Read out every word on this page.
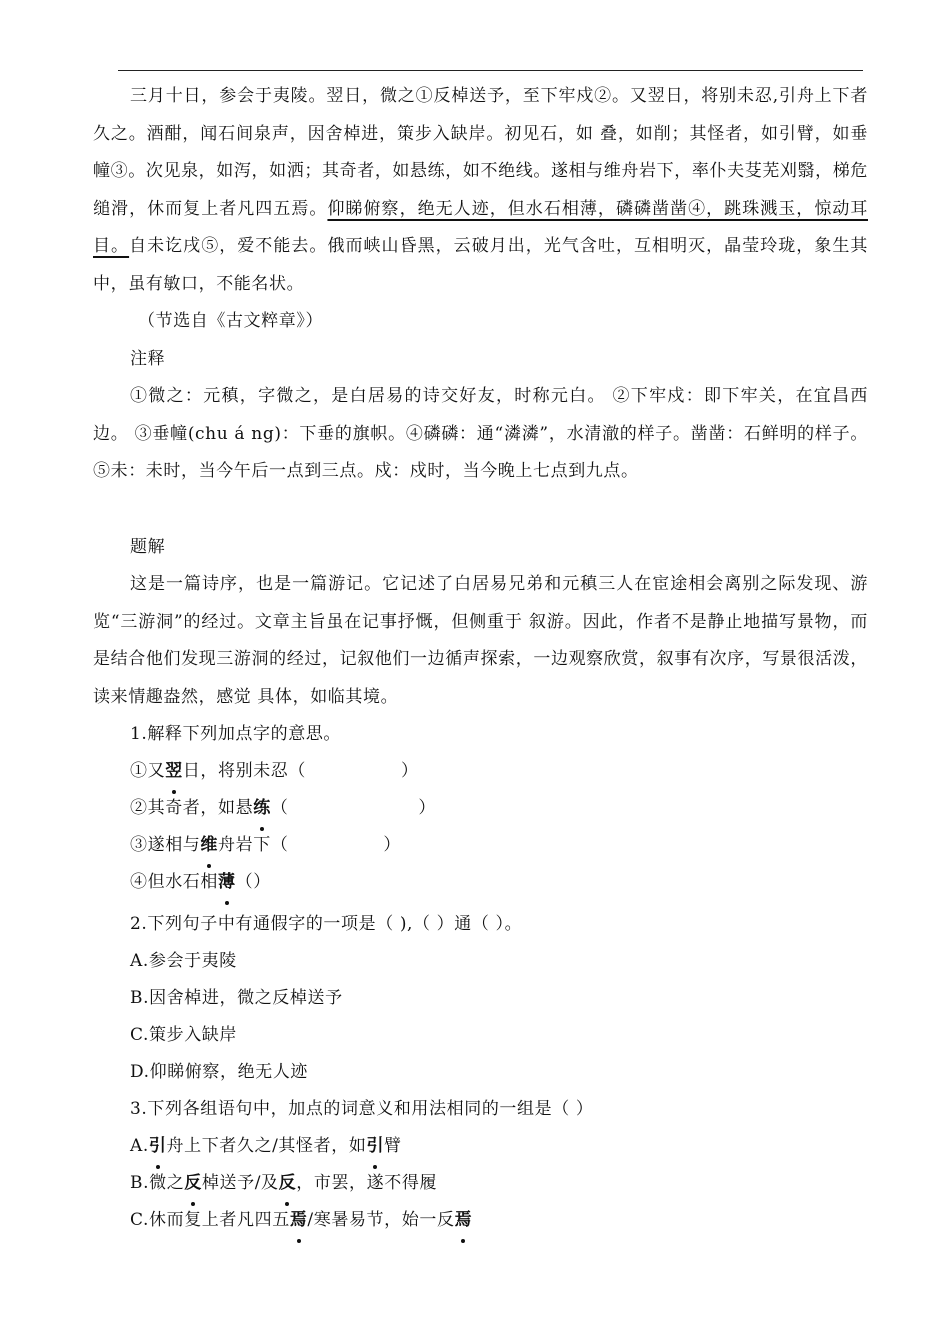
三月十日，参会于夷陵。翌日，微之①反棹送予，至下牢戍②。又翌日，将别未忍,引舟上下者久之。酒酣，闻石间泉声，因舍棹进，策步入缺岸。初见石，如 叠，如削；其怪者，如引臂，如垂幢③。次见泉，如泻，如洒；其奇者，如悬练，如不绝线。遂相与维舟岩下，率仆夫芟芜刈翳，梯危缒滑，休而复上者凡四五焉。仰睇俯察，绝无人迹，但水石相薄，磷磷凿凿④，跳珠溅玉，惊动耳目。自未讫戌⑤，爱不能去。俄而峡山昏黑，云破月出，光气含吐，互相明灭，晶莹玲珑，象生其中，虽有敏口，不能名状。

（节选自《古文粹章》）

注释

①微之：元稹，字微之，是白居易的诗交好友，时称元白。 ②下牢戍：即下牢关，在宜昌西边。 ③垂幢(chu á ng)：下垂的旗帜。④磷磷：通“潾潾”，水清澈的样子。凿凿：石鲜明的样子。⑤未：未时，当今午后一点到三点。戍：戍时，当今晚上七点到九点。

题解

这是一篇诗序，也是一篇游记。它记述了白居易兄弟和元稹三人在宦途相会离别之际发现、游览“三游洞”的经过。文章主旨虽在记事抒慨，但侧重于 叙游。因此，作者不是静止地描写景物，而是结合他们发现三游洞的经过，记叙他们一边循声探索，一边观察欣赏，叙事有次序，写景很活泼，读来情趣盎然，感觉 具体，如临其境。

1.解释下列加点字的意思。

①又翌日，将别未忍（	）

②其奇者，如悬练（	）

③遂相与维舟岩下（	）

④但水石相薄（）

2.下列句子中有通假字的一项是（ ),（ ）通（ ）。

A.参会于夷陵

B.因舍棹进，微之反棹送予

C.策步入缺岸

D.仰睇俯察，绝无人迹

3.下列各组语句中，加点的词意义和用法相同的一组是（ ）

A.引舟上下者久之/其怪者，如引臂

B.微之反棹送予/及反，市罢，遂不得履

C.休而复上者凡四五焉/寒暑易节，始一反焉
